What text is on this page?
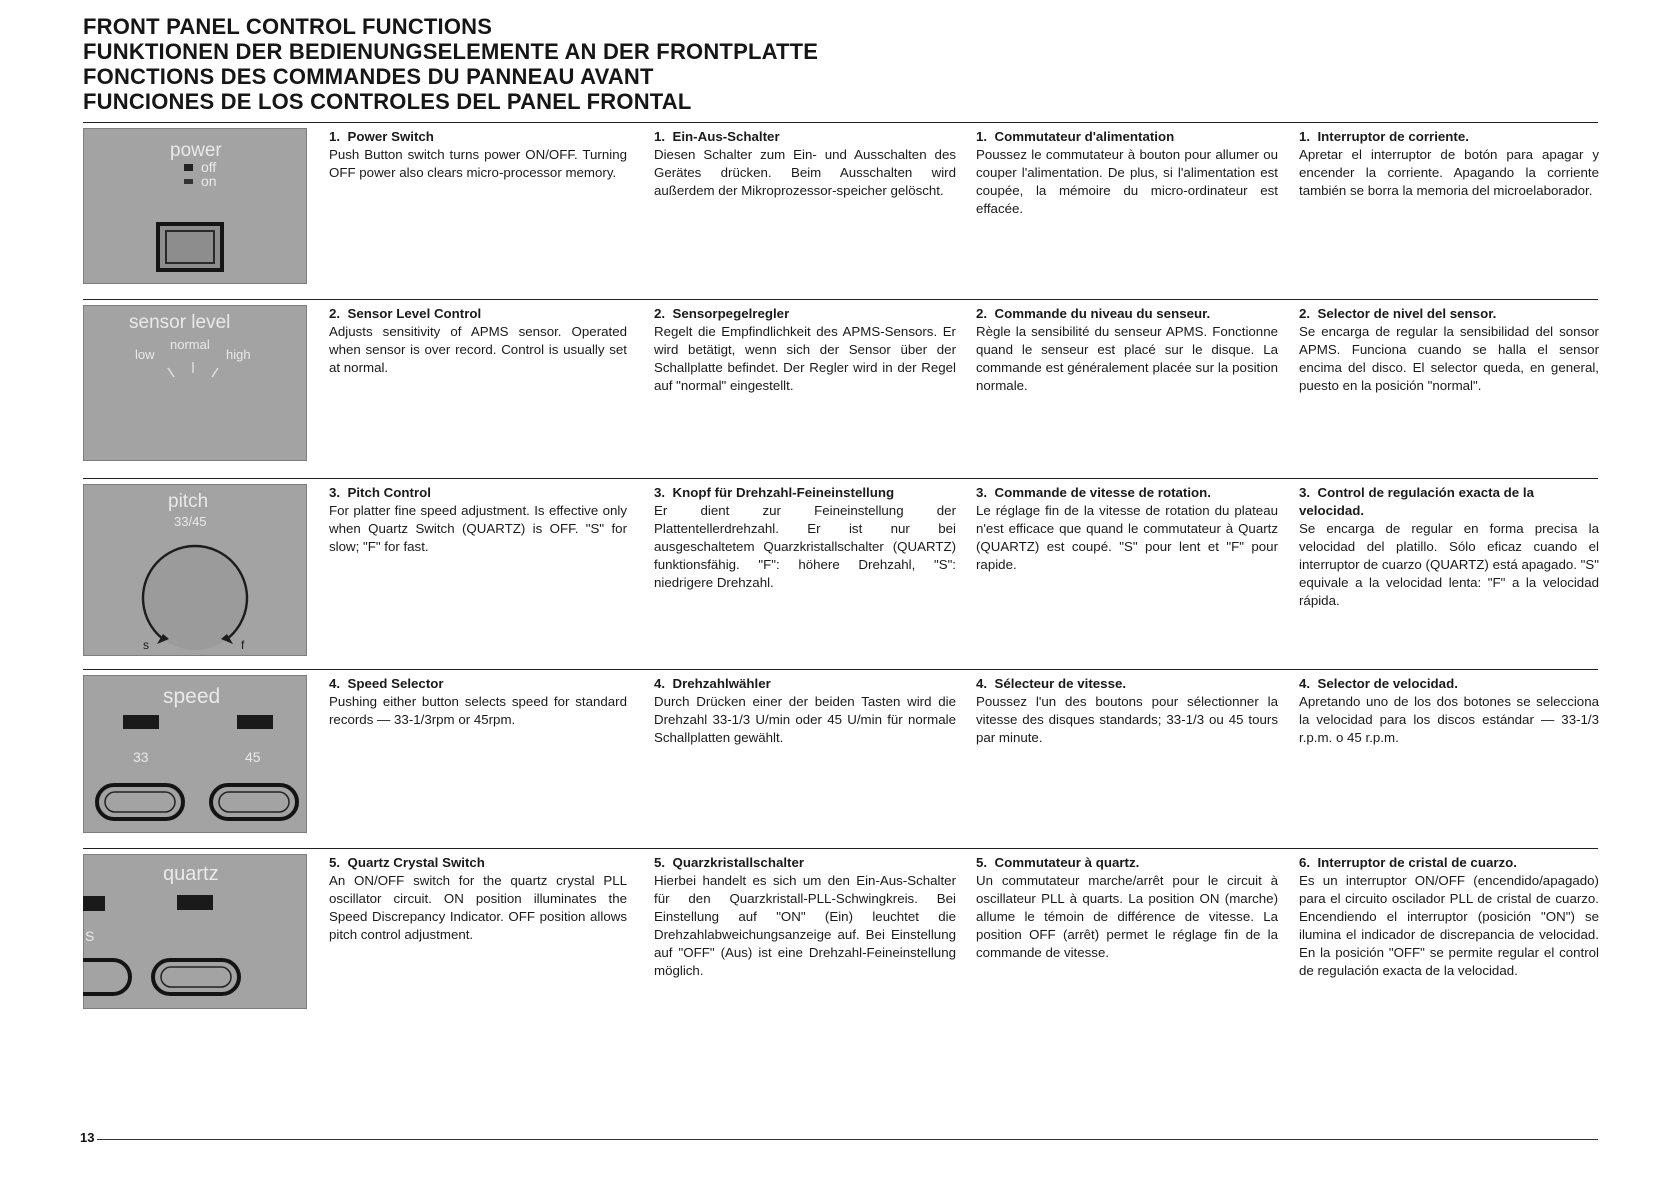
FRONT PANEL CONTROL FUNCTIONS
FUNKTIONEN DER BEDIENUNGSELEMENTE AN DER FRONTPLATTE
FONCTIONS DES COMMANDES DU PANNEAU AVANT
FUNCIONES DE LOS CONTROLES DEL PANEL FRONTAL
power
off
on
1. Power Switch
Push Button switch turns power ON/OFF. Turning OFF power also clears micro-processor memory.
1. Ein-Aus-Schalter
Diesen Schalter zum Ein- und Ausschalten des Gerätes drücken. Beim Ausschalten wird außerdem der Mikroprozessor-speicher gelöscht.
1. Commutateur d'alimentation
Poussez le commutateur à bouton pour allumer ou couper l'alimentation. De plus, si l'alimentation est coupée, la mémoire du micro-ordinateur est effacée.
1. Interruptor de corriente.
Apretar el interruptor de botón para apagar y encender la corriente. Apagando la corriente también se borra la memoria del microelaborador.
sensor level
normal
low	high
2. Sensor Level Control
Adjusts sensitivity of APMS sensor. Operated when sensor is over record. Control is usually set at normal.
2. Sensorpegelregler
Regelt die Empfindlichkeit des APMS-Sensors. Er wird betätigt, wenn sich der Sensor über der Schallplatte befindet. Der Regler wird in der Regel auf "normal" eingestellt.
2. Commande du niveau du senseur.
Règle la sensibilité du senseur APMS. Fonctionne quand le senseur est placé sur le disque. La commande est généralement placée sur la position normale.
2. Selector de nivel del sensor.
Se encarga de regular la sensibilidad del sonsor APMS. Funciona cuando se halla el sensor encima del disco. El selector queda, en general, puesto en la posición "normal".
pitch
33/45
s	f
3. Pitch Control
For platter fine speed adjustment. Is effective only when Quartz Switch (QUARTZ) is OFF. "S" for slow; "F" for fast.
3. Knopf für Drehzahl-Feineinstellung
Er dient zur Feineinstellung der Plattentellerdrehzahl. Er ist nur bei ausgeschaltetem Quarzkristallschalter (QUARTZ) funktionsfähig. "F": höhere Drehzahl, "S": niedrigere Drehzahl.
3. Commande de vitesse de rotation.
Le réglage fin de la vitesse de rotation du plateau n'est efficace que quand le commutateur à Quartz (QUARTZ) est coupé. "S" pour lent et "F" pour rapide.
3. Control de regulación exacta de la velocidad.
Se encarga de regular en forma precisa la velocidad del platillo. Sólo eficaz cuando el interruptor de cuarzo (QUARTZ) está apagado. "S" equivale a la velocidad lenta: "F" a la velocidad rápida.
speed
33	45
4. Speed Selector
Pushing either button selects speed for standard records — 33-1/3rpm or 45rpm.
4. Drehzahlwähler
Durch Drücken einer der beiden Tasten wird die Drehzahl 33-1/3 U/min oder 45 U/min für normale Schallplatten gewählt.
4. Sélecteur de vitesse.
Poussez l'un des boutons pour sélectionner la vitesse des disques standards; 33-1/3 ou 45 tours par minute.
4. Selector de velocidad.
Apretando uno de los dos botones se selecciona la velocidad para los discos estándar — 33-1/3 r.p.m. o 45 r.p.m.
quartz
S
5. Quartz Crystal Switch
An ON/OFF switch for the quartz crystal PLL oscillator circuit. ON position illuminates the Speed Discrepancy Indicator. OFF position allows pitch control adjustment.
5. Quarzkristallschalter
Hierbei handelt es sich um den Ein-Aus-Schalter für den Quarzkristall-PLL-Schwingkreis. Bei Einstellung auf "ON" (Ein) leuchtet die Drehzahlabweichungsanzeige auf. Bei Einstellung auf "OFF" (Aus) ist eine Drehzahl-Feineinstellung möglich.
5. Commutateur à quartz.
Un commutateur marche/arrêt pour le circuit à oscillateur PLL à quarts. La position ON (marche) allume le témoin de différence de vitesse. La position OFF (arrêt) permet le réglage fin de la commande de vitesse.
6. Interruptor de cristal de cuarzo.
Es un interruptor ON/OFF (encendido/apagado) para el circuito oscilador PLL de cristal de cuarzo. Encendiendo el interruptor (posición "ON") se ilumina el indicador de discrepancia de velocidad. En la posición "OFF" se permite regular el control de regulación exacta de la velocidad.
13
